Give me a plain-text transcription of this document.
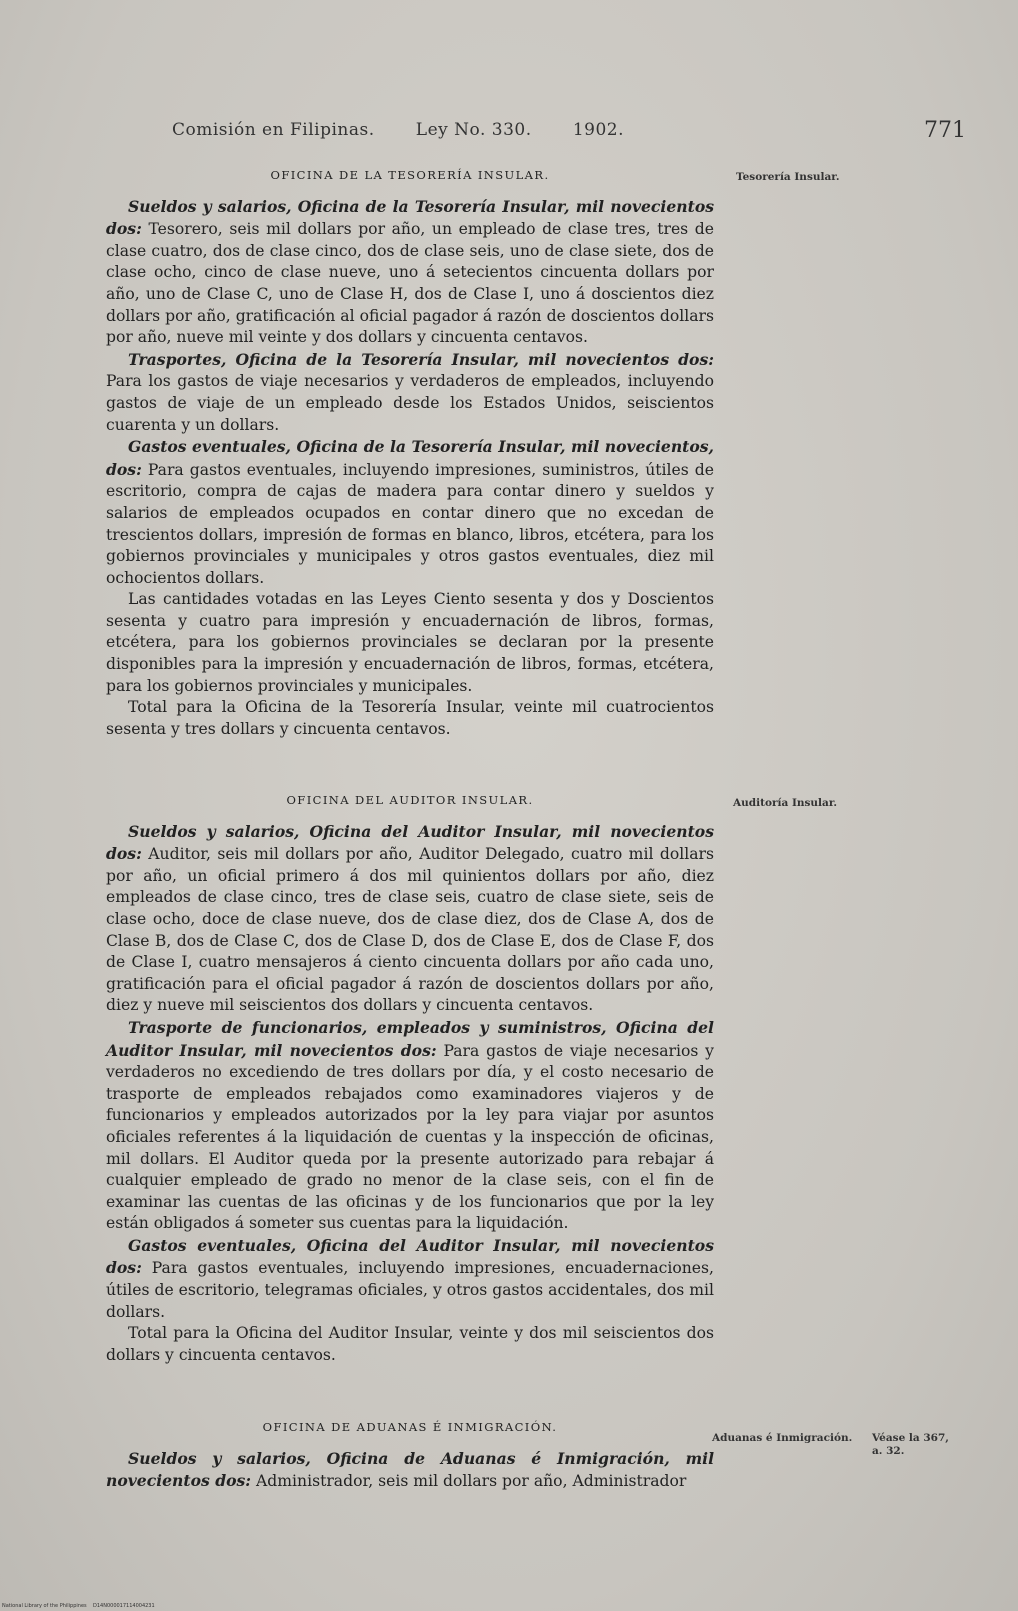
Comisión en Filipinas. Ley No. 330. 1902.	771

OFICINA DE LA TESORERÍA INSULAR.

Sueldos y salarios, Oficina de la Tesorería Insular, mil novecientos dos: Tesorero, seis mil dollars por año, un empleado de clase tres, tres de clase cuatro, dos de clase cinco, dos de clase seis, uno de clase siete, dos de clase ocho, cinco de clase nueve, uno á setecientos cincuenta dollars por año, uno de Clase C, uno de Clase H, dos de Clase I, uno á doscientos diez dollars por año, gratificación al oficial pagador á razón de doscientos dollars por año, nueve mil veinte y dos dollars y cincuenta centavos.

Trasportes, Oficina de la Tesorería Insular, mil novecientos dos: Para los gastos de viaje necesarios y verdaderos de empleados, incluyendo gastos de viaje de un empleado desde los Estados Unidos, seiscientos cuarenta y un dollars.

Gastos eventuales, Oficina de la Tesorería Insular, mil novecientos, dos: Para gastos eventuales, incluyendo impresiones, suministros, útiles de escritorio, compra de cajas de madera para contar dinero y sueldos y salarios de empleados ocupados en contar dinero que no excedan de trescientos dollars, impresión de formas en blanco, libros, etcétera, para los gobiernos provinciales y municipales y otros gastos eventuales, diez mil ochocientos dollars.

Las cantidades votadas en las Leyes Ciento sesenta y dos y Doscientos sesenta y cuatro para impresión y encuadernación de libros, formas, etcétera, para los gobiernos provinciales se declaran por la presente disponibles para la impresión y encuadernación de libros, formas, etcétera, para los gobiernos provinciales y municipales.

Total para la Oficina de la Tesorería Insular, veinte mil cuatrocientos sesenta y tres dollars y cincuenta centavos.

OFICINA DEL AUDITOR INSULAR.

Sueldos y salarios, Oficina del Auditor Insular, mil novecientos dos: Auditor, seis mil dollars por año, Auditor Delegado, cuatro mil dollars por año, un oficial primero á dos mil quinientos dollars por año, diez empleados de clase cinco, tres de clase seis, cuatro de clase siete, seis de clase ocho, doce de clase nueve, dos de clase diez, dos de Clase A, dos de Clase B, dos de Clase C, dos de Clase D, dos de Clase E, dos de Clase F, dos de Clase I, cuatro mensajeros á ciento cincuenta dollars por año cada uno, gratificación para el oficial pagador á razón de doscientos dollars por año, diez y nueve mil seiscientos dos dollars y cincuenta centavos.

Trasporte de funcionarios, empleados y suministros, Oficina del Auditor Insular, mil novecientos dos: Para gastos de viaje necesarios y verdaderos no excediendo de tres dollars por día, y el costo necesario de trasporte de empleados rebajados como examinadores viajeros y de funcionarios y empleados autorizados por la ley para viajar por asuntos oficiales referentes á la liquidación de cuentas y la inspección de oficinas, mil dollars. El Auditor queda por la presente autorizado para rebajar á cualquier empleado de grado no menor de la clase seis, con el fin de examinar las cuentas de las oficinas y de los funcionarios que por la ley están obligados á someter sus cuentas para la liquidación.

Gastos eventuales, Oficina del Auditor Insular, mil novecientos dos: Para gastos eventuales, incluyendo impresiones, encuadernaciones, útiles de escritorio, telegramas oficiales, y otros gastos accidentales, dos mil dollars.

Total para la Oficina del Auditor Insular, veinte y dos mil seiscientos dos dollars y cincuenta centavos.

OFICINA DE ADUANAS É INMIGRACIÓN.

Sueldos y salarios, Oficina de Aduanas é Inmigración, mil novecientos dos: Administrador, seis mil dollars por año, Administrador

Tesorería Insular.
Auditoría Insular.
Aduanas é Inmigración.	Véase la 367, a. 32.
National Library of the Philippines D14N000017114004231
